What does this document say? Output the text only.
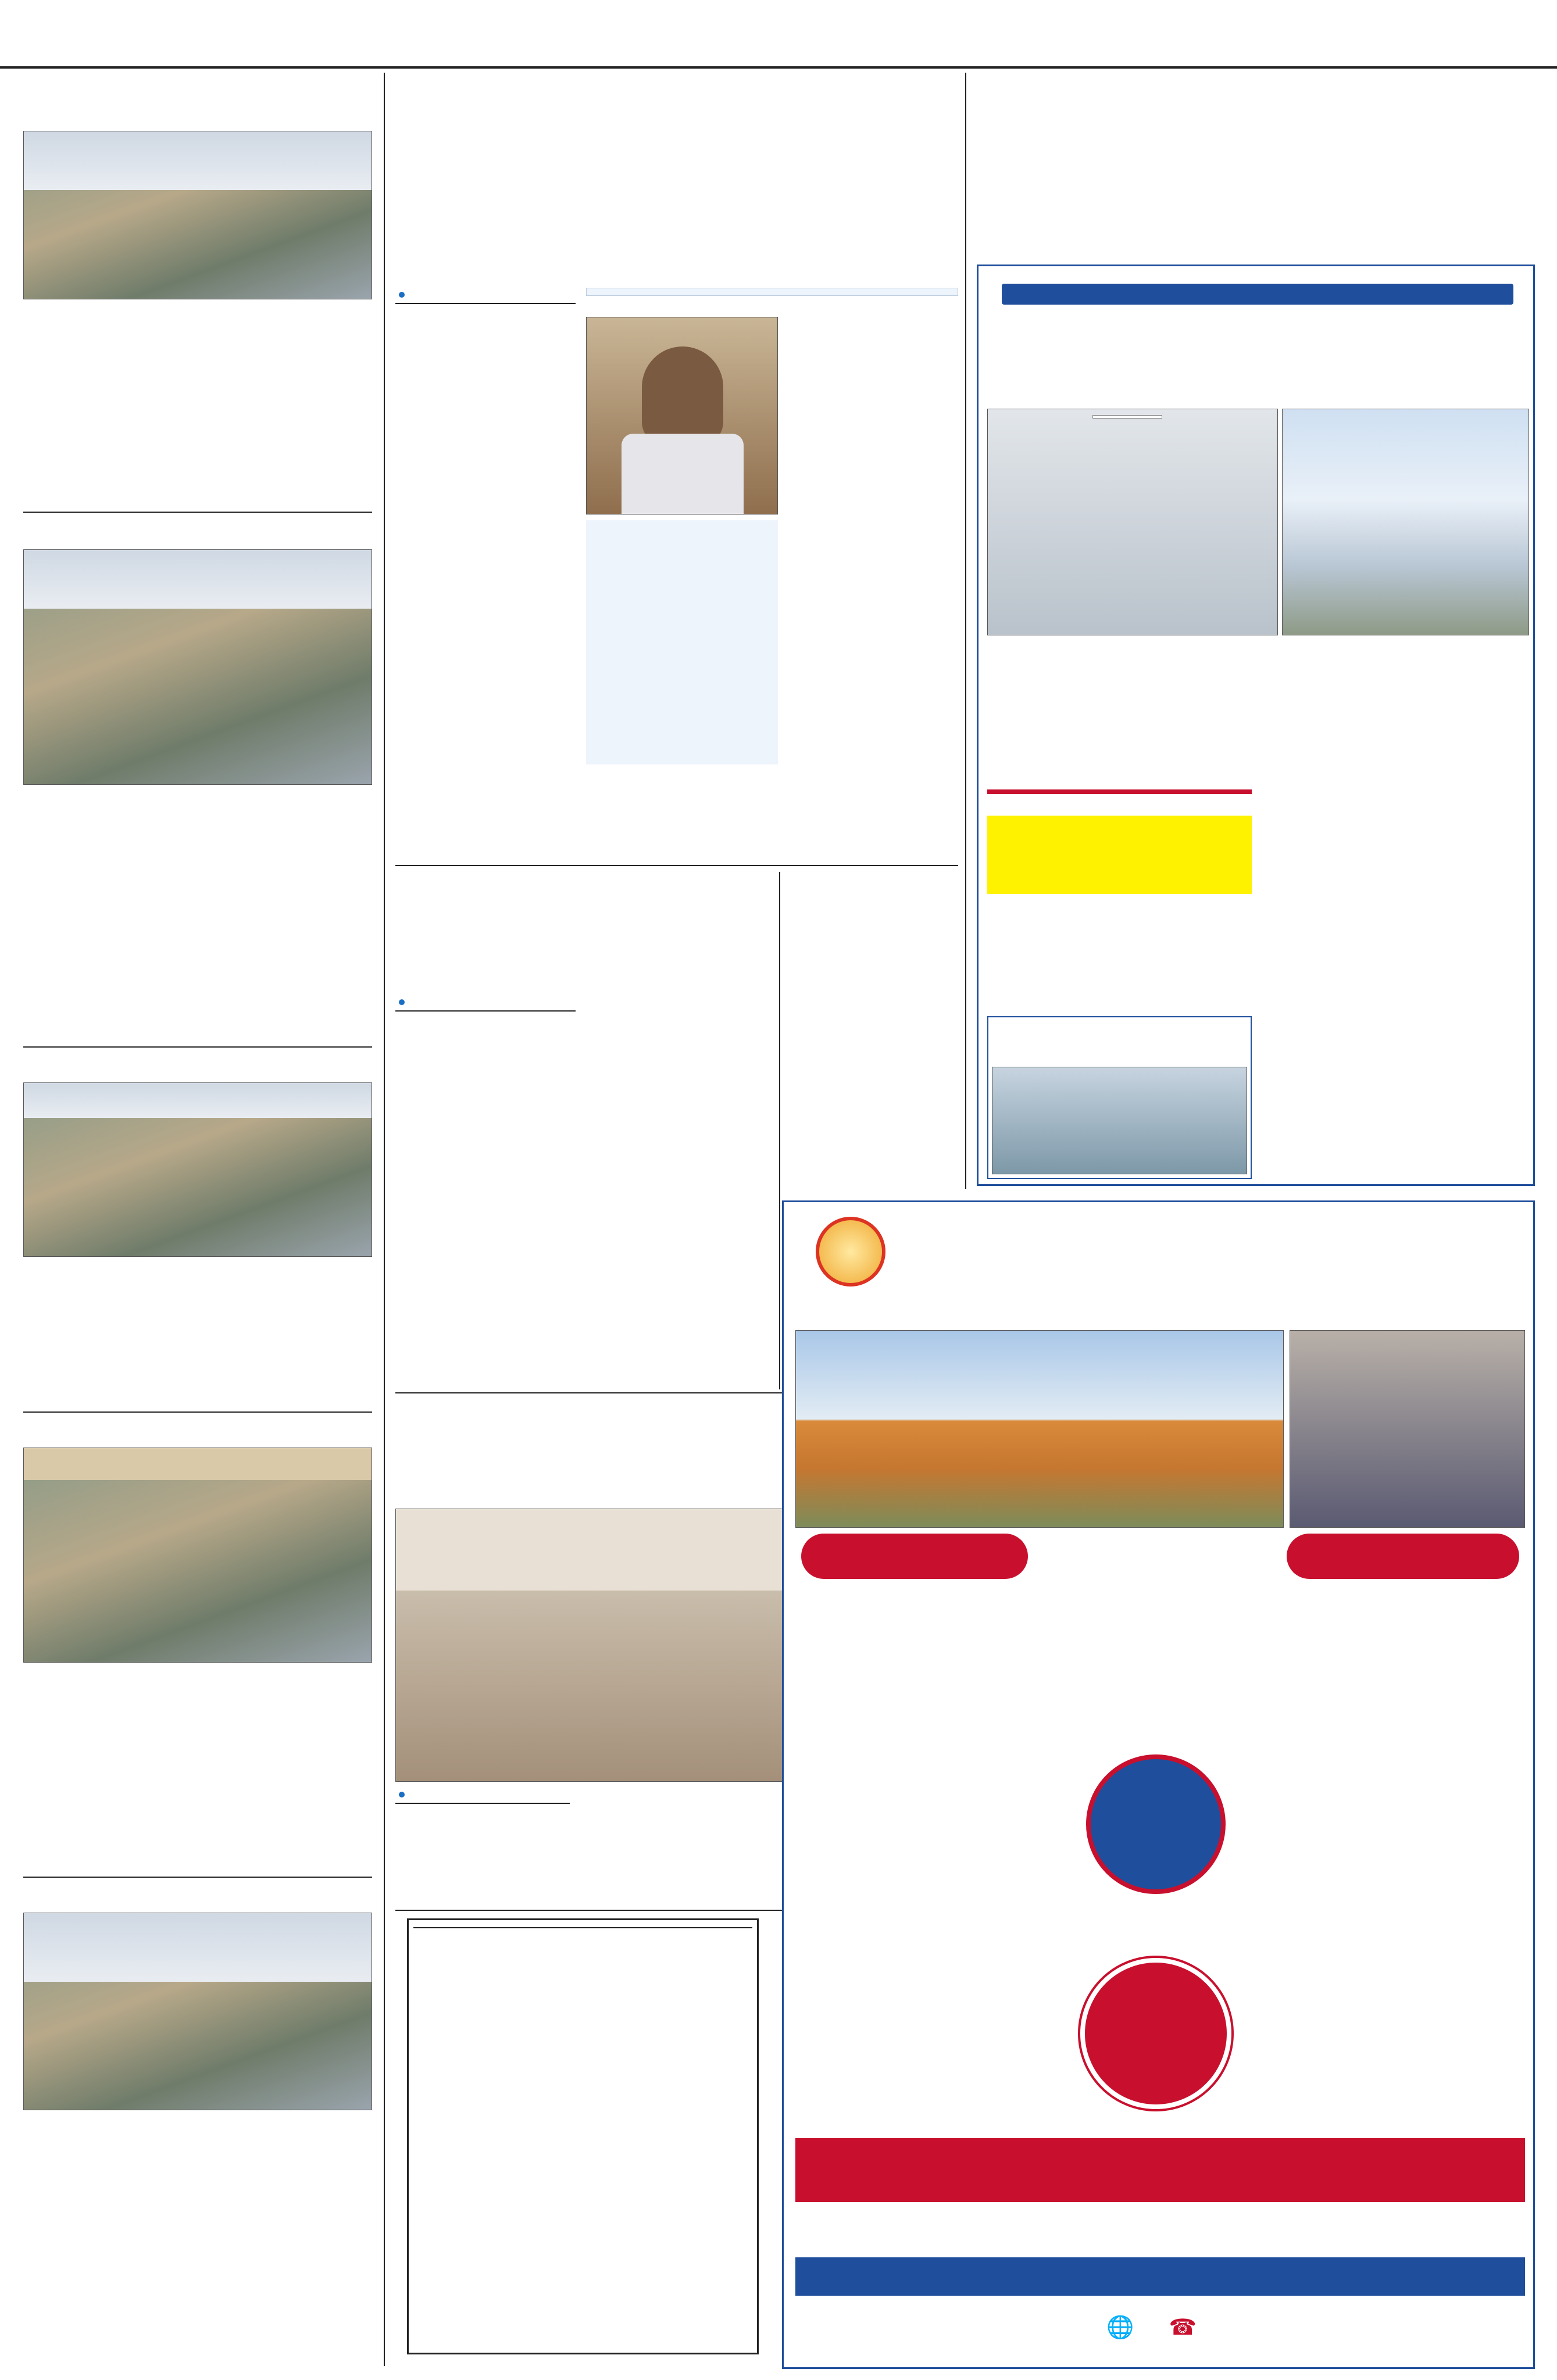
🌐 ☎
